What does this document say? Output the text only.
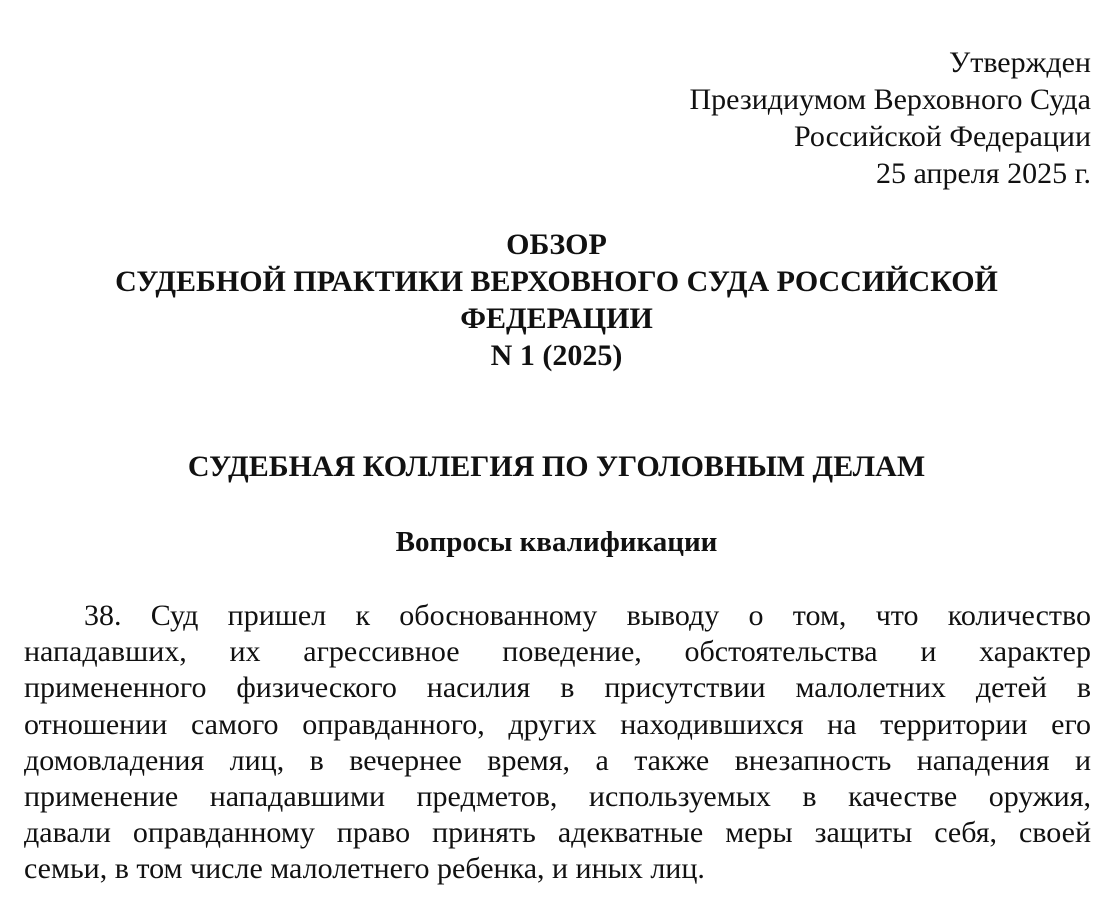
Утвержден
Президиумом Верховного Суда
Российской Федерации
25 апреля 2025 г.
ОБЗОР
СУДЕБНОЙ ПРАКТИКИ ВЕРХОВНОГО СУДА РОССИЙСКОЙ
ФЕДЕРАЦИИ
N 1 (2025)
СУДЕБНАЯ КОЛЛЕГИЯ ПО УГОЛОВНЫМ ДЕЛАМ
Вопросы квалификации
38. Суд пришел к обоснованному выводу о том, что количество
нападавших, их агрессивное поведение, обстоятельства и характер
примененного физического насилия в присутствии малолетних детей в
отношении самого оправданного, других находившихся на территории его
домовладения лиц, в вечернее время, а также внезапность нападения и
применение нападавшими предметов, используемых в качестве оружия,
давали оправданному право принять адекватные меры защиты себя, своей
семьи, в том числе малолетнего ребенка, и иных лиц.
